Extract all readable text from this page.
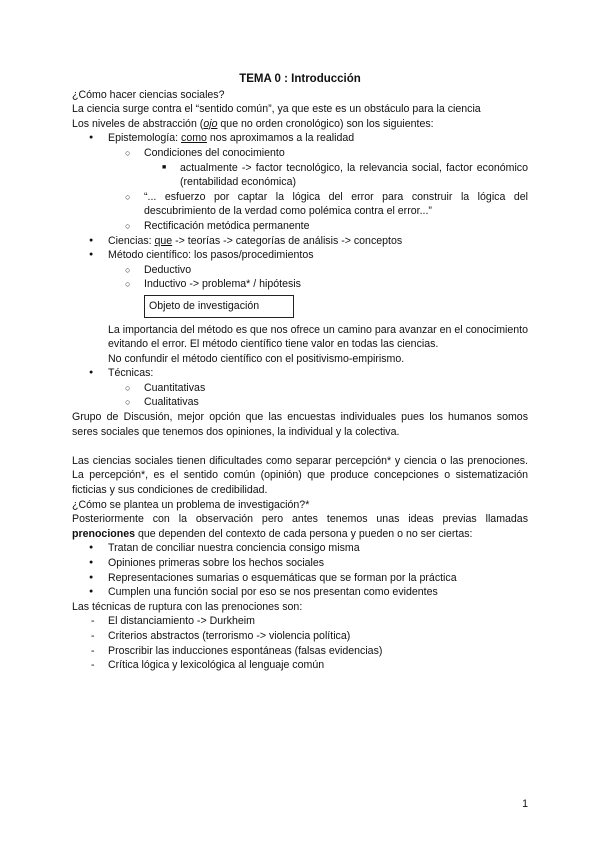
TEMA 0 : Introducción

¿Cómo hacer ciencias sociales?

La ciencia surge contra el “sentido común”, ya que este es un obstáculo para la ciencia

Los niveles de abstracción (ojo que no orden cronológico) son los siguientes:

● Epistemología: como nos aproximamos a la realidad
○ Condiciones del conocimiento
■ actualmente -> factor tecnológico, la relevancia social, factor económico (rentabilidad económica)
○ “... esfuerzo por captar la lógica del error para construir la lógica del descubrimiento de la verdad como polémica contra el error...”
○ Rectificación metódica permanente
● Ciencias: que -> teorías -> categorías de análisis -> conceptos
● Método científico: los pasos/procedimientos
○ Deductivo
○ Inductivo -> problema* / hipótesis
Objeto de investigación

La importancia del método es que nos ofrece un camino para avanzar en el conocimiento evitando el error. El método científico tiene valor en todas las ciencias.

No confundir el método científico con el positivismo-empirismo.

● Técnicas:
○ Cuantitativas
○ Cualitativas

Grupo de Discusión, mejor opción que las encuestas individuales pues los humanos somos seres sociales que tenemos dos opiniones, la individual y la colectiva.

Las ciencias sociales tienen dificultades como separar percepción* y ciencia o las prenociones. La percepción*, es el sentido común (opinión) que produce concepciones o sistematización ficticias y sus condiciones de credibilidad.

¿Cómo se plantea un problema de investigación?*

Posteriormente con la observación pero antes tenemos unas ideas previas llamadas prenociones que dependen del contexto de cada persona y pueden o no ser ciertas:

● Tratan de conciliar nuestra conciencia consigo misma
● Opiniones primeras sobre los hechos sociales
● Representaciones sumarias o esquemáticas que se forman por la práctica
● Cumplen una función social por eso se nos presentan como evidentes

Las técnicas de ruptura con las prenociones son:

- El distanciamiento -> Durkheim
- Criterios abstractos (terrorismo -> violencia política)
- Proscribir las inducciones espontáneas (falsas evidencias)
- Crítica lógica y lexicológica al lenguaje común
1
